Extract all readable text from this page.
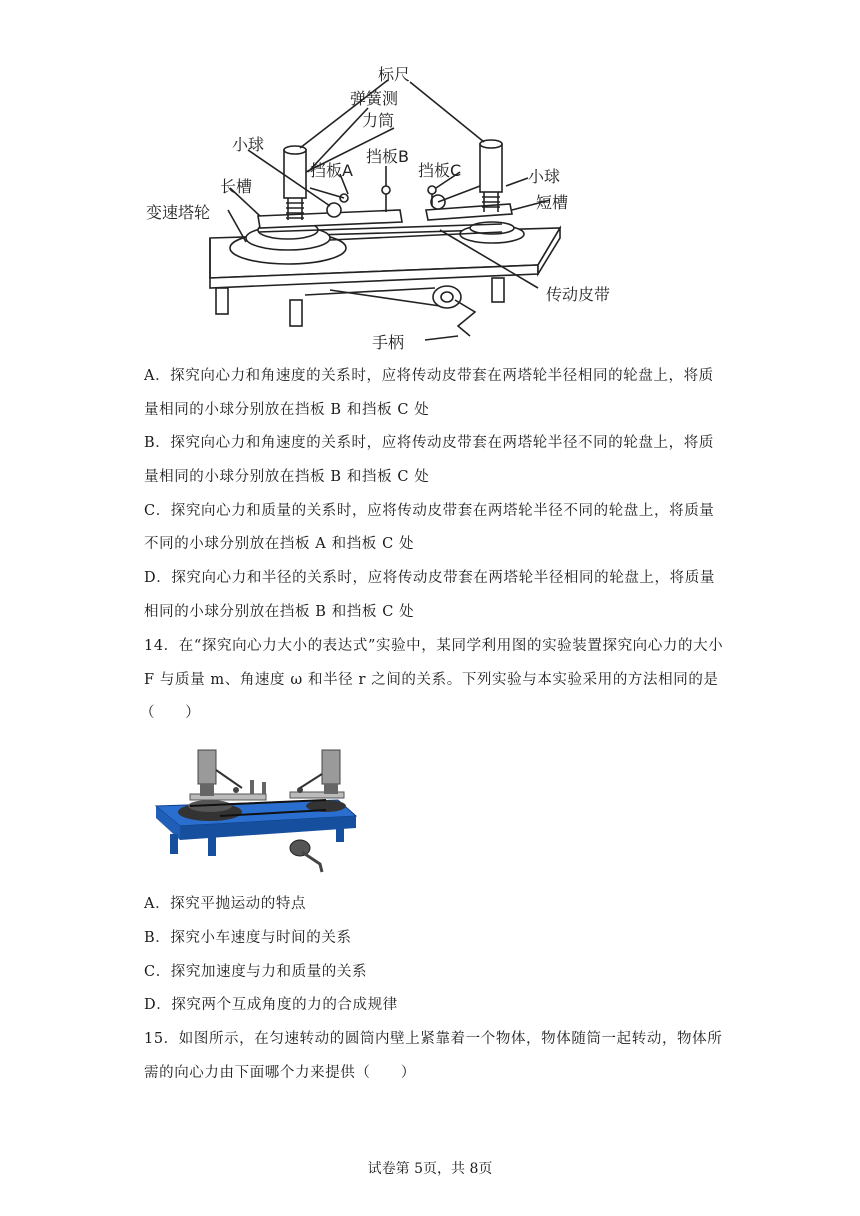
标尺
弹簧测
力筒
小球
挡板A
挡板B
挡板C	小球
长槽
短槽
变速塔轮
传动皮带
手柄
A．探究向心力和角速度的关系时，应将传动皮带套在两塔轮半径相同的轮盘上，将质
量相同的小球分别放在挡板 B 和挡板 C 处
B．探究向心力和角速度的关系时，应将传动皮带套在两塔轮半径不同的轮盘上，将质
量相同的小球分别放在挡板 B 和挡板 C 处
C．探究向心力和质量的关系时，应将传动皮带套在两塔轮半径不同的轮盘上，将质量
不同的小球分别放在挡板 A 和挡板 C 处
D．探究向心力和半径的关系时，应将传动皮带套在两塔轮半径相同的轮盘上，将质量
相同的小球分别放在挡板 B 和挡板 C 处
14．在“探究向心力大小的表达式”实验中，某同学利用图的实验装置探究向心力的大小
F 与质量 m、角速度 ω 和半径 r 之间的关系。下列实验与本实验采用的方法相同的是
（　　）
A．探究平抛运动的特点
B．探究小车速度与时间的关系
C．探究加速度与力和质量的关系
D．探究两个互成角度的力的合成规律
15．如图所示，在匀速转动的圆筒内壁上紧靠着一个物体，物体随筒一起转动，物体所
需的向心力由下面哪个力来提供（　　）
试卷第 5页，共 8页
